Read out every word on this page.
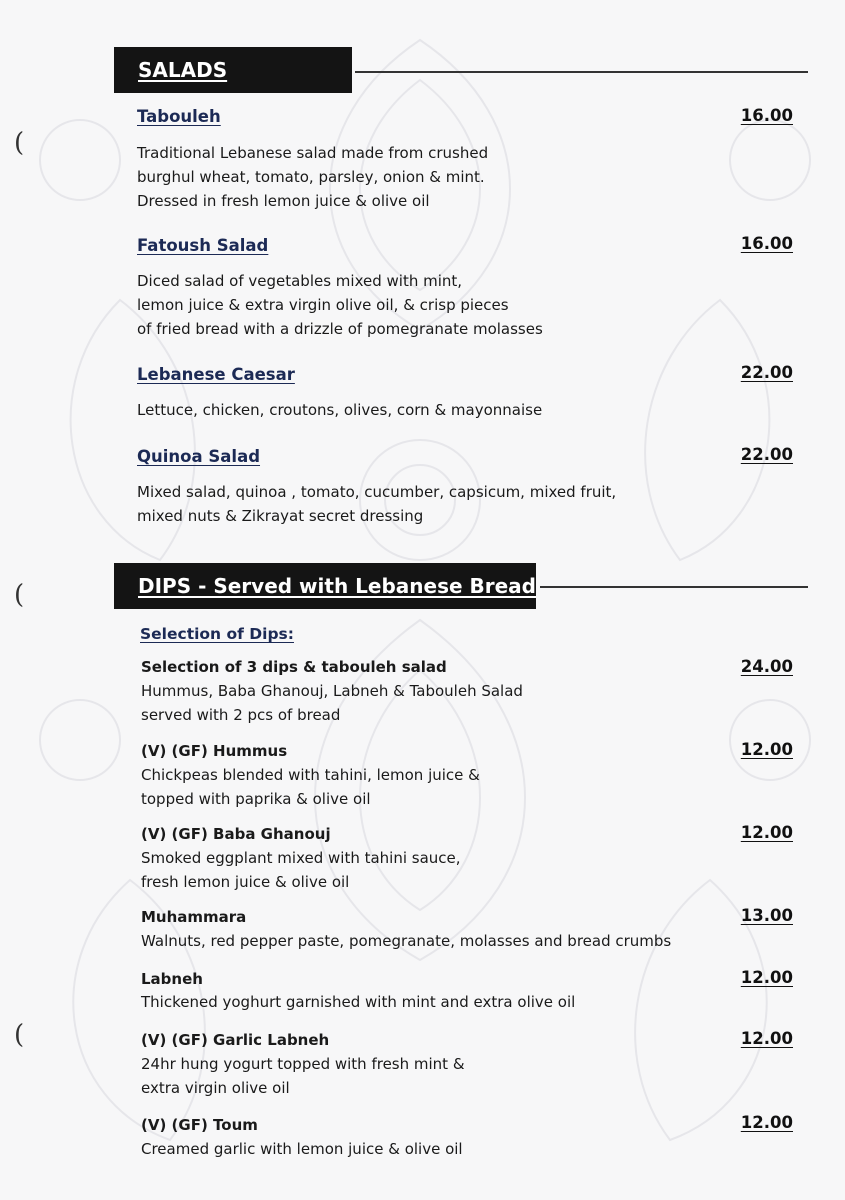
(
(
(
SALADS
Tabouleh	16.00
Traditional Lebanese salad made from crushed
burghul wheat, tomato, parsley, onion & mint.
Dressed in fresh lemon juice & olive oil
Fatoush Salad	16.00
Diced salad of vegetables mixed with mint,
lemon juice & extra virgin olive oil, & crisp pieces
of fried bread with a drizzle of pomegranate molasses
Lebanese Caesar	22.00
Lettuce, chicken, croutons, olives, corn & mayonnaise
Quinoa Salad	22.00
Mixed salad, quinoa , tomato, cucumber, capsicum, mixed fruit,
mixed nuts & Zikrayat secret dressing
DIPS - Served with Lebanese Bread
Selection of Dips:
Selection of 3 dips & tabouleh salad	24.00
Hummus, Baba Ghanouj, Labneh & Tabouleh Salad
served with 2 pcs of bread
(V) (GF) Hummus	12.00
Chickpeas blended with tahini, lemon juice &
topped with paprika & olive oil
(V) (GF) Baba Ghanouj	12.00
Smoked eggplant mixed with tahini sauce,
fresh lemon juice & olive oil
Muhammara	13.00
Walnuts, red pepper paste, pomegranate, molasses and bread crumbs
Labneh	12.00
Thickened yoghurt garnished with mint and extra olive oil
(V) (GF) Garlic Labneh	12.00
24hr hung yogurt topped with fresh mint &
extra virgin olive oil
(V) (GF) Toum	12.00
Creamed garlic with lemon juice & olive oil
